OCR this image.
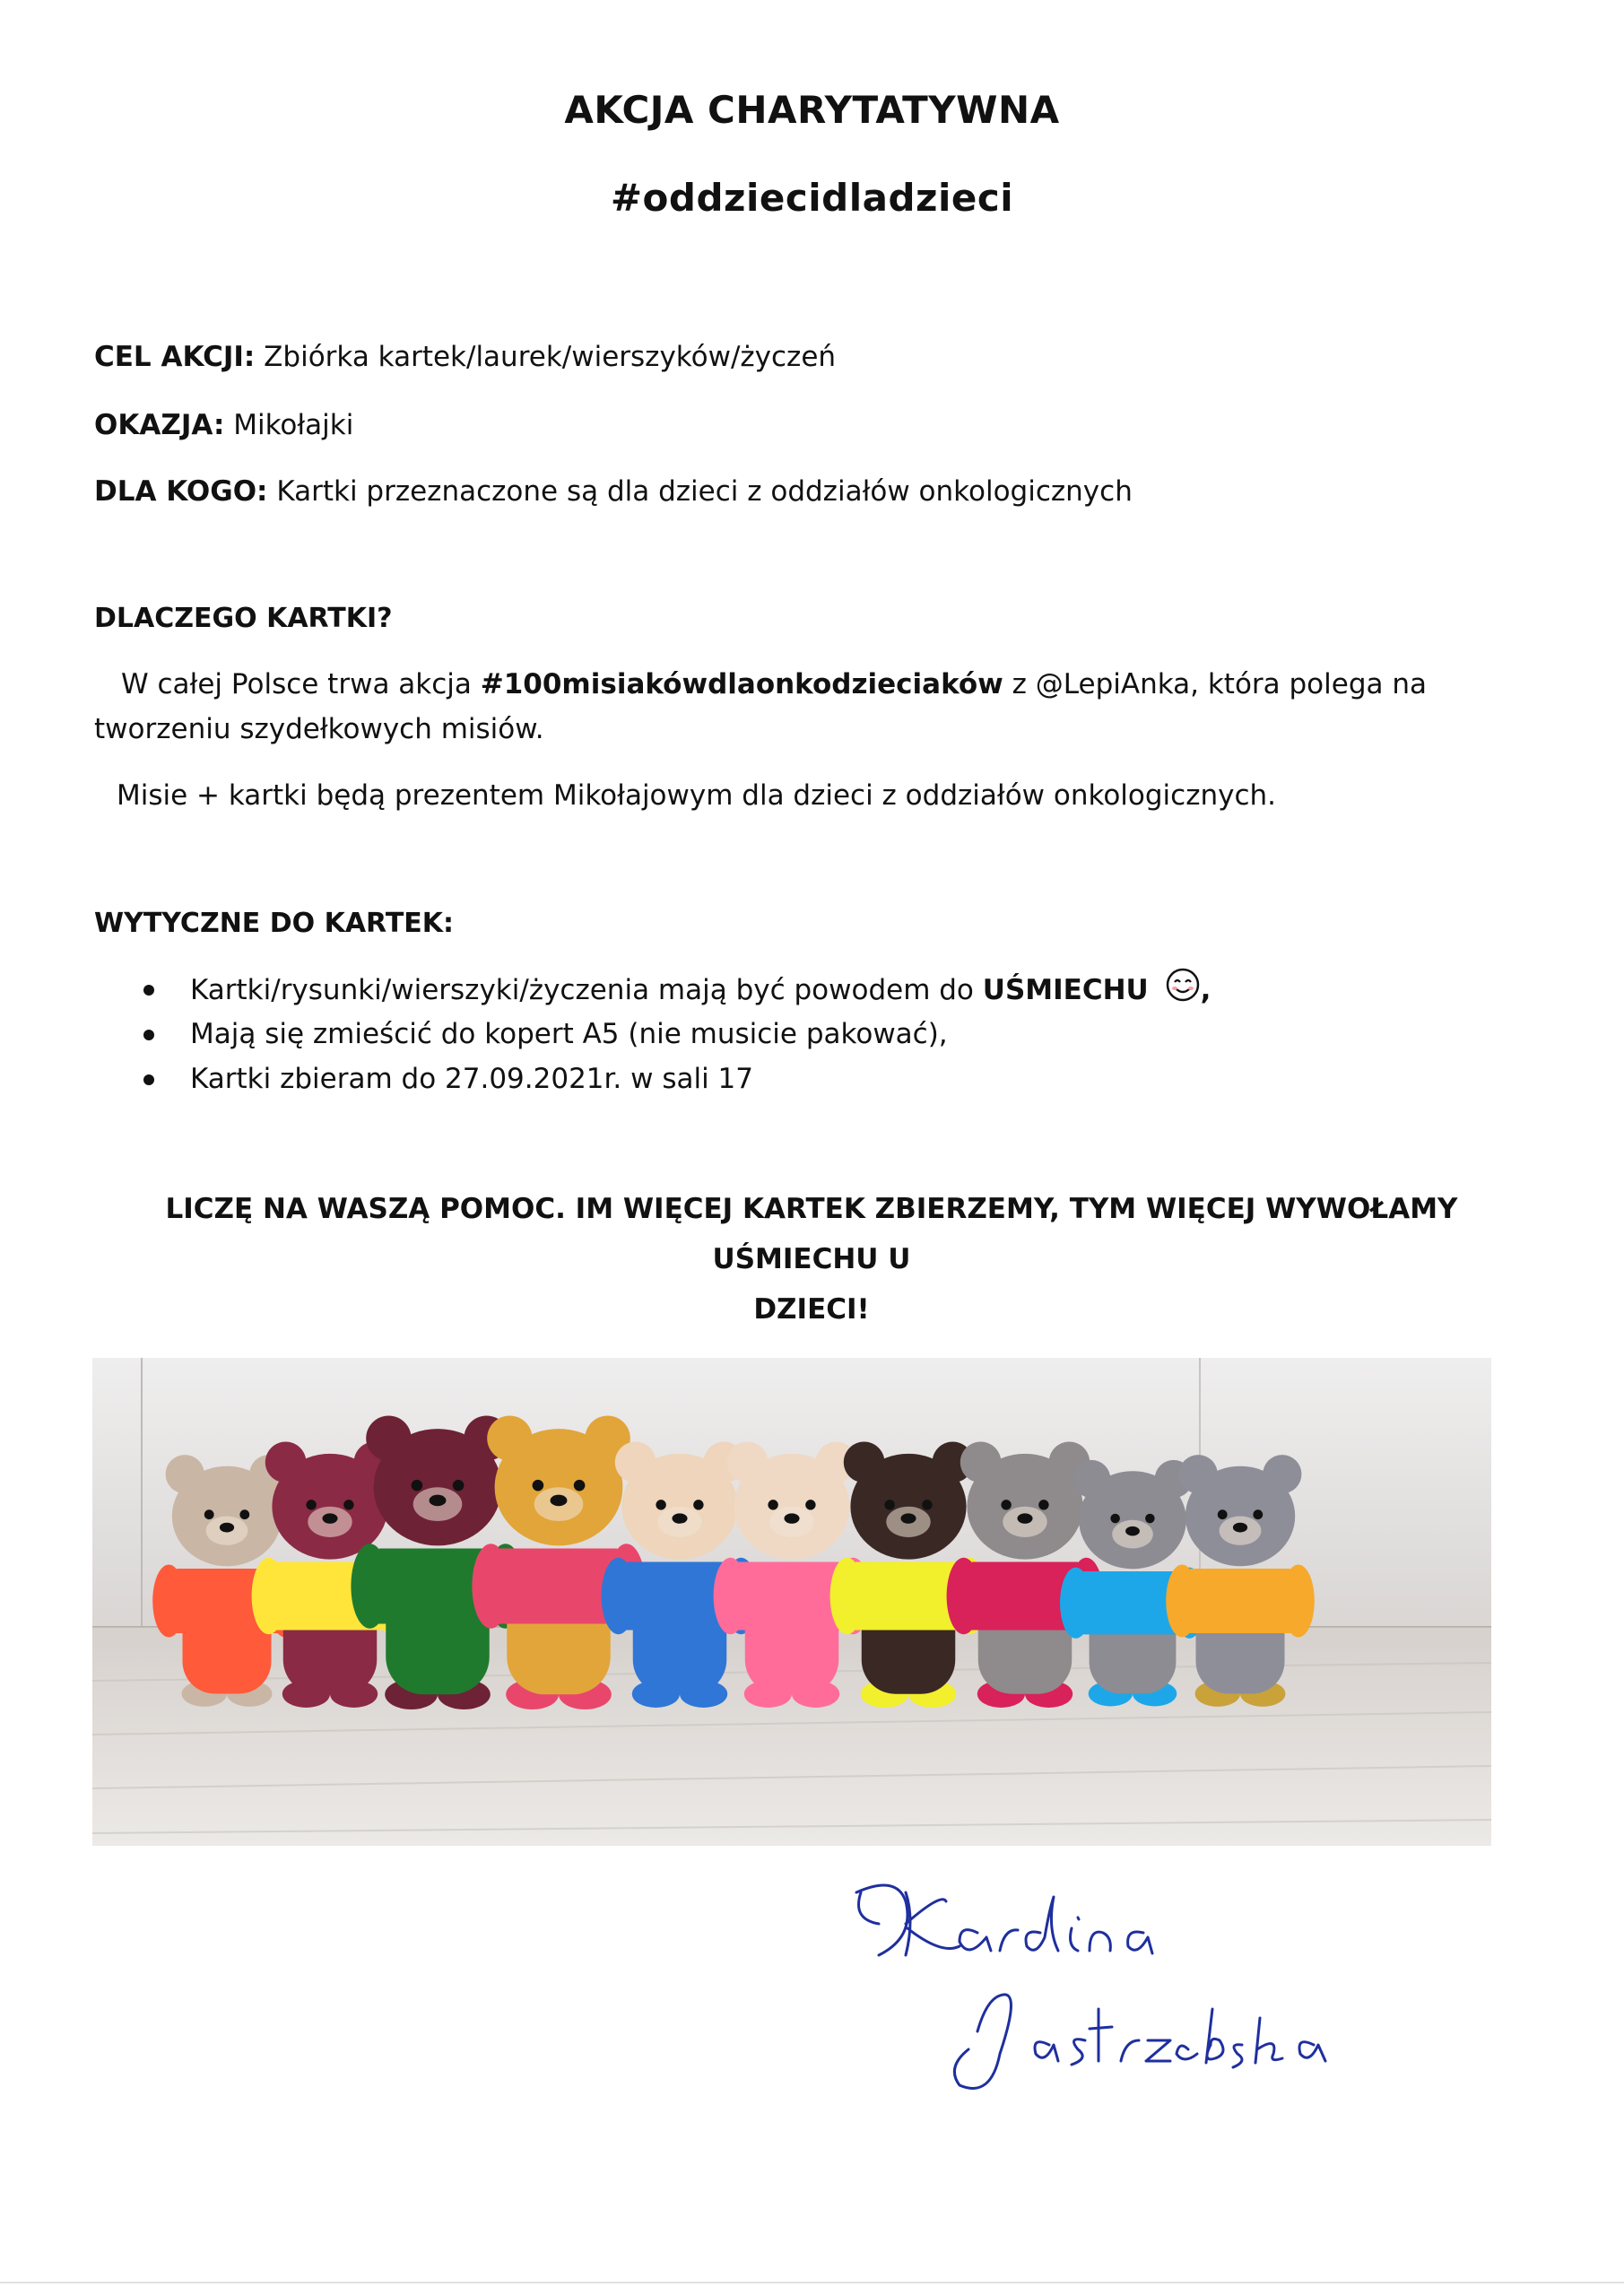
AKCJA CHARYTATYWNA
#oddziecidladzieci

CEL AKCJI: Zbiórka kartek/laurek/wierszyków/życzeń

OKAZJA: Mikołajki

DLA KOGO: Kartki przeznaczone są dla dzieci z oddziałów onkologicznych

DLACZEGO KARTKI?

W całej Polsce trwa akcja #100misiakówdlaonkodzieciaków z @LepiAnka, która polega na tworzeniu szydełkowych misiów.

Misie + kartki będą prezentem Mikołajowym dla dzieci z oddziałów onkologicznych.

WYTYCZNE DO KARTEK:
Kartki/rysunki/wierszyki/życzenia mają być powodem do UŚMIECHU ,
Mają się zmieścić do kopert A5 (nie musicie pakować),
Kartki zbieram do 27.09.2021r. w sali 17

LICZĘ NA WASZĄ POMOC. IM WIĘCEJ KARTEK ZBIERZEMY, TYM WIĘCEJ WYWOŁAMY UŚMIECHU U
DZIECI!
